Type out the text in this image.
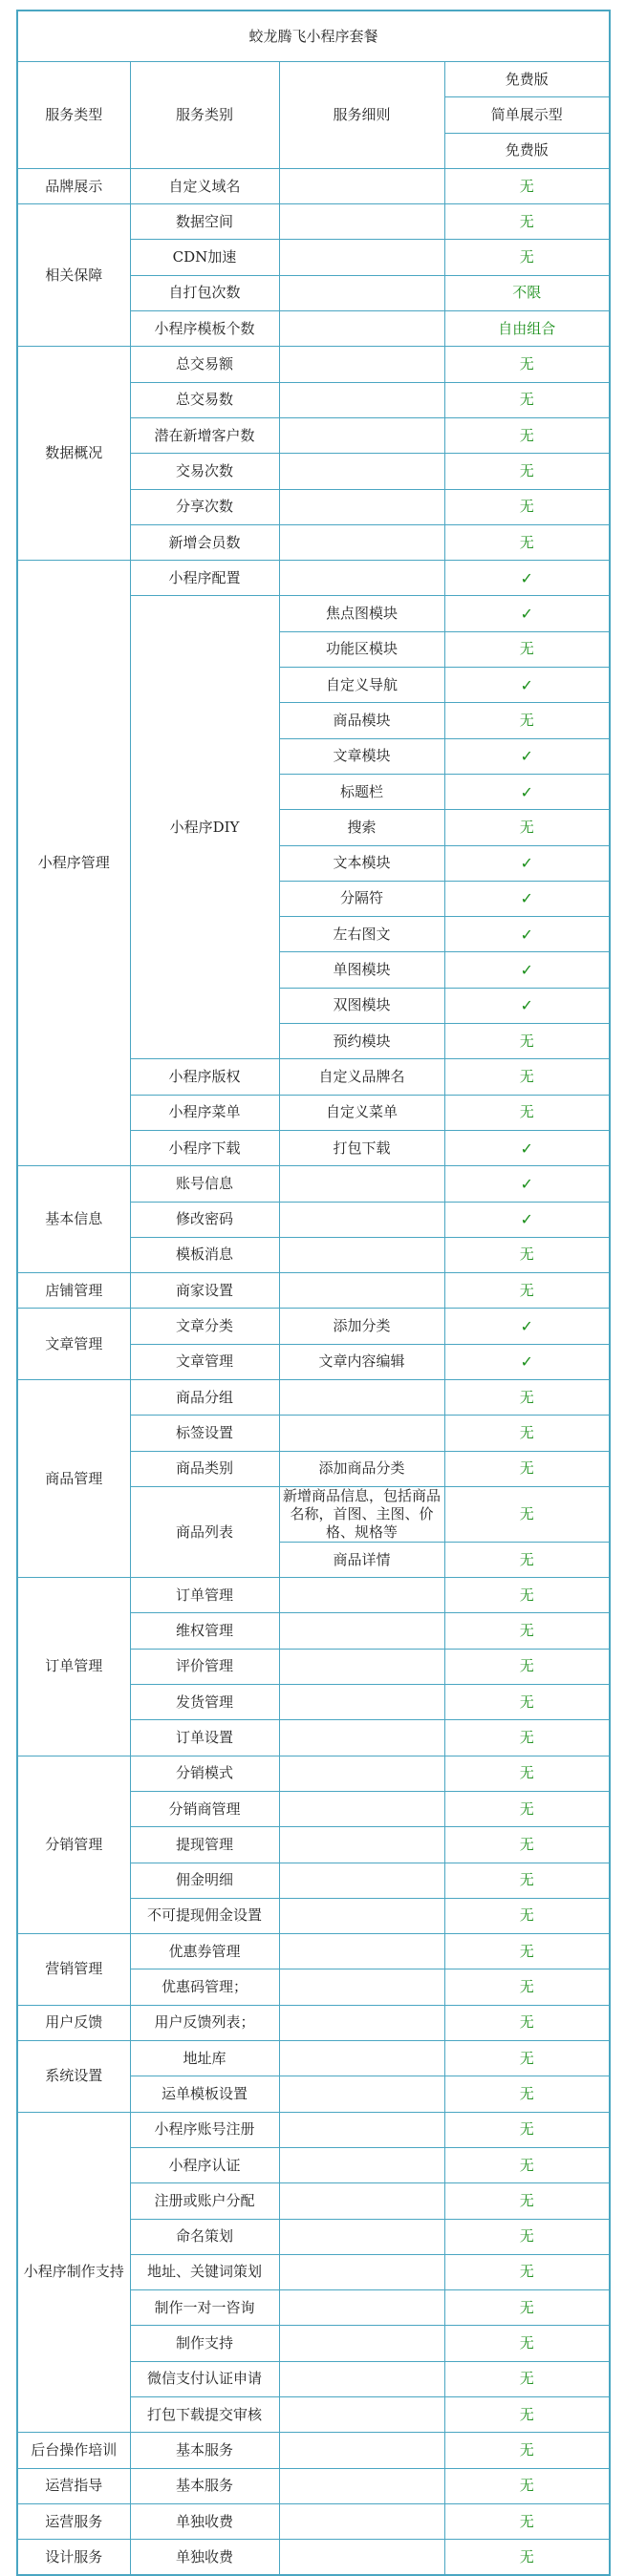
蛟龙腾飞小程序套餐			
服务类型	服务类别	服务细则	免费版
			简单展示型
			免费版
品牌展示	自定义域名		无
相关保障	数据空间		无
	CDN加速		无
	自打包次数		不限
	小程序模板个数		自由组合
数据概况	总交易额		无
	总交易数		无
	潜在新增客户数		无
	交易次数		无
	分享次数		无
	新增会员数		无
小程序管理	小程序配置		✓
	小程序DIY	焦点图模块	✓
		功能区模块	无
		自定义导航	✓
		商品模块	无
		文章模块	✓
		标题栏	✓
		搜索	无
		文本模块	✓
		分隔符	✓
		左右图文	✓
		单图模块	✓
		双图模块	✓
		预约模块	无
	小程序版权	自定义品牌名	无
	小程序菜单	自定义菜单	无
	小程序下载	打包下载	✓
基本信息	账号信息		✓
	修改密码		✓
	模板消息		无
店铺管理	商家设置		无
文章管理	文章分类	添加分类	✓
	文章管理	文章内容编辑	✓
商品管理	商品分组		无
	标签设置		无
	商品类别	添加商品分类	无
	商品列表	新增商品信息，包括商品名称，首图、主图、价格、规格等	无
		商品详情	无
订单管理	订单管理		无
	维权管理		无
	评价管理		无
	发货管理		无
	订单设置		无
分销管理	分销模式		无
	分销商管理		无
	提现管理		无
	佣金明细		无
	不可提现佣金设置		无
营销管理	优惠券管理		无
	优惠码管理；		无
用户反馈	用户反馈列表；		无
系统设置	地址库		无
	运单模板设置		无
小程序制作支持	小程序账号注册		无
	小程序认证		无
	注册或账户分配		无
	命名策划		无
	地址、关键词策划		无
	制作一对一咨询		无
	制作支持		无
	微信支付认证申请		无
	打包下载提交审核		无
后台操作培训	基本服务		无
运营指导	基本服务		无
运营服务	单独收费		无
设计服务	单独收费		无
